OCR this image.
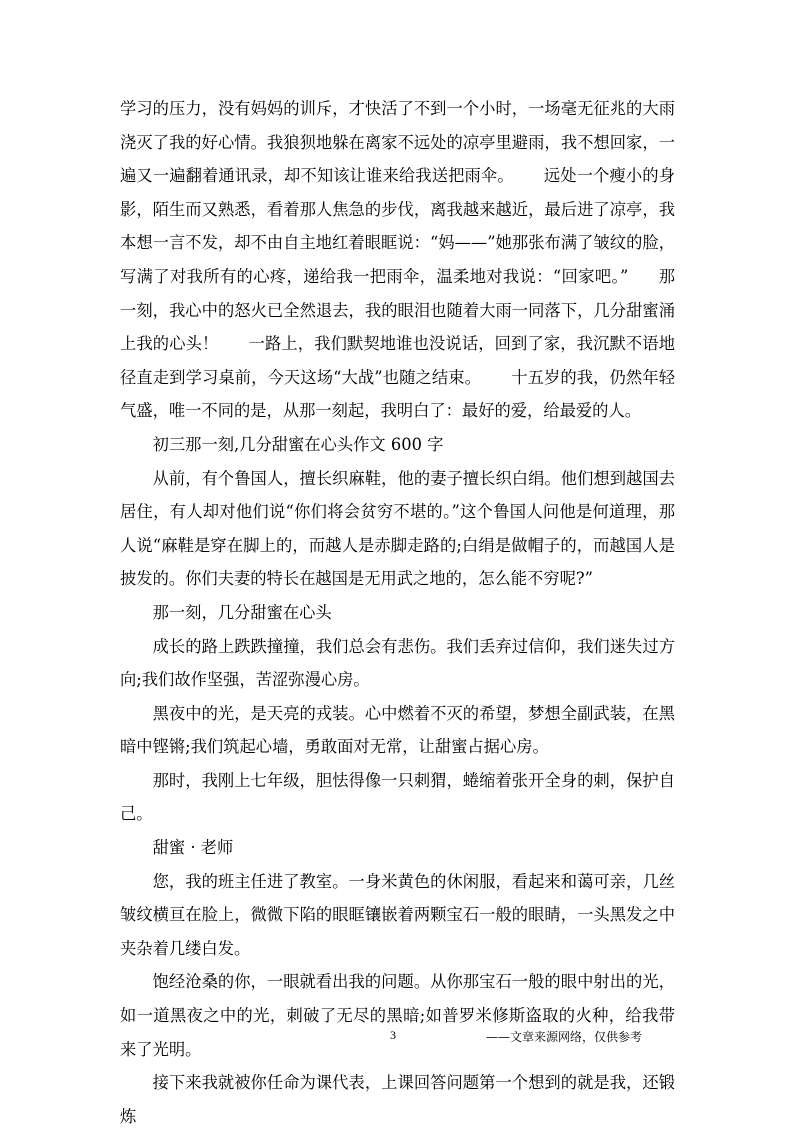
学习的压力，没有妈妈的训斥，才快活了不到一个小时，一场毫无征兆的大雨浇灭了我的好心情。我狼狈地躲在离家不远处的凉亭里避雨，我不想回家，一遍又一遍翻着通讯录，却不知该让谁来给我送把雨伞。 远处一个瘦小的身影，陌生而又熟悉，看着那人焦急的步伐，离我越来越近，最后进了凉亭，我本想一言不发，却不由自主地红着眼眶说：“妈——”她那张布满了皱纹的脸，写满了对我所有的心疼，递给我一把雨伞，温柔地对我说：“回家吧。” 那一刻，我心中的怒火已全然退去，我的眼泪也随着大雨一同落下，几分甜蜜涌上我的心头！ 一路上，我们默契地谁也没说话，回到了家，我沉默不语地径直走到学习桌前，今天这场“大战”也随之结束。 十五岁的我，仍然年轻气盛，唯一不同的是，从那一刻起，我明白了：最好的爱，给最爱的人。

初三那一刻,几分甜蜜在心头作文 600 字

从前，有个鲁国人，擅长织麻鞋，他的妻子擅长织白绢。他们想到越国去居住，有人却对他们说“你们将会贫穷不堪的。”这个鲁国人问他是何道理，那人说“麻鞋是穿在脚上的，而越人是赤脚走路的;白绢是做帽子的，而越国人是披发的。你们夫妻的特长在越国是无用武之地的，怎么能不穷呢?”

那一刻，几分甜蜜在心头

成长的路上跌跌撞撞，我们总会有悲伤。我们丢弃过信仰，我们迷失过方向;我们故作坚强，苦涩弥漫心房。

黑夜中的光，是天亮的戎装。心中燃着不灭的希望，梦想全副武装，在黑暗中铿锵;我们筑起心墙，勇敢面对无常，让甜蜜占据心房。

那时，我刚上七年级，胆怯得像一只刺猬，蜷缩着张开全身的刺，保护自己。

甜蜜 · 老师

您，我的班主任进了教室。一身米黄色的休闲服，看起来和蔼可亲，几丝皱纹横亘在脸上，微微下陷的眼眶镶嵌着两颗宝石一般的眼睛，一头黑发之中夹杂着几缕白发。

饱经沧桑的你，一眼就看出我的问题。从你那宝石一般的眼中射出的光，如一道黑夜之中的光，刺破了无尽的黑暗;如普罗米修斯盗取的火种，给我带来了光明。

接下来我就被你任命为课代表，上课回答问题第一个想到的就是我，还锻炼

3	——文章来源网络，仅供参考
